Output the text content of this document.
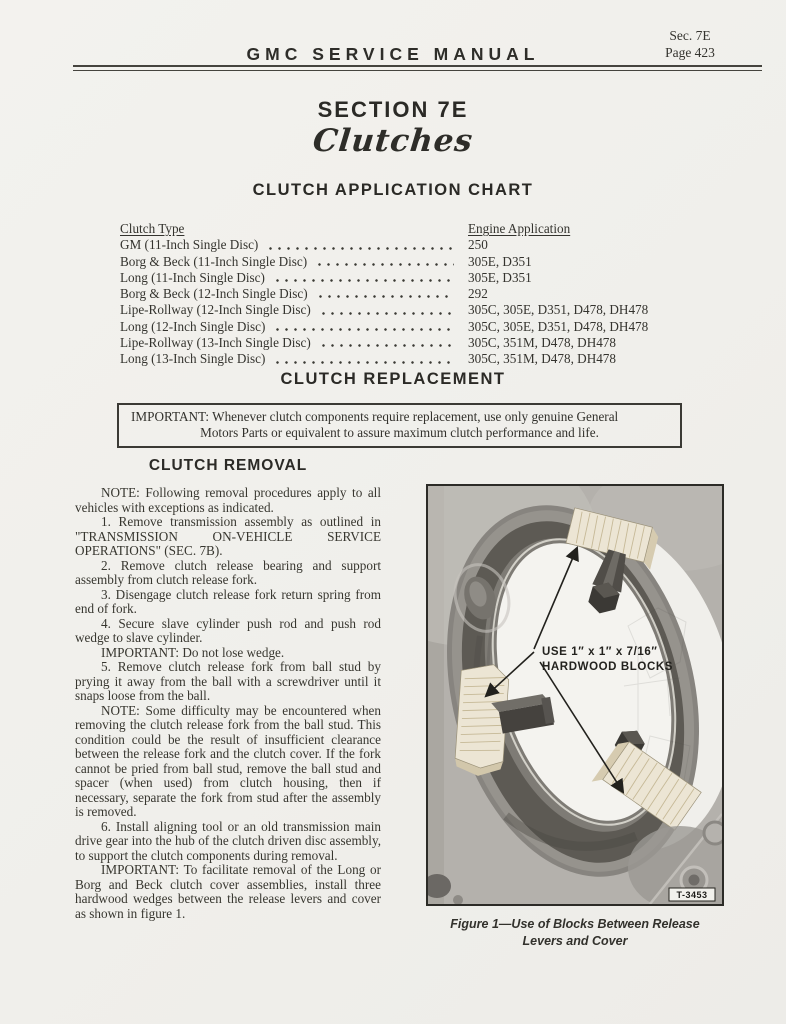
GMC SERVICE MANUAL
Sec. 7E
Page 423
SECTION 7E
Clutches
CLUTCH APPLICATION CHART
Clutch Type	Engine Application
GM (11-Inch Single Disc)	250
Borg & Beck (11-Inch Single Disc)	305E, D351
Long (11-Inch Single Disc)	305E, D351
Borg & Beck (12-Inch Single Disc)	292
Lipe-Rollway (12-Inch Single Disc)	305C, 305E, D351, D478, DH478
Long (12-Inch Single Disc)	305C, 305E, D351, D478, DH478
Lipe-Rollway (13-Inch Single Disc)	305C, 351M, D478, DH478
Long (13-Inch Single Disc)	305C, 351M, D478, DH478
CLUTCH REPLACEMENT
IMPORTANT: Whenever clutch components require replacement, use only genuine General
Motors Parts or equivalent to assure maximum clutch performance and life.
CLUTCH REMOVAL

NOTE: Following removal procedures apply to all vehicles with exceptions as indicated.

1. Remove transmission assembly as outlined in "TRANSMISSION ON-VEHICLE SERVICE OPERATIONS" (SEC. 7B).

2. Remove clutch release bearing and support assembly from clutch release fork.

3. Disengage clutch release fork return spring from end of fork.

4. Secure slave cylinder push rod and push rod wedge to slave cylinder.

IMPORTANT: Do not lose wedge.

5. Remove clutch release fork from ball stud by prying it away from the ball with a screwdriver until it snaps loose from the ball.

NOTE: Some difficulty may be encountered when removing the clutch release fork from the ball stud. This condition could be the result of insufficient clearance between the release fork and the clutch cover. If the fork cannot be pried from ball stud, remove the ball stud and spacer (when used) from clutch housing, then if necessary, separate the fork from stud after the assembly is removed.

6. Install aligning tool or an old transmission main drive gear into the hub of the clutch driven disc assembly, to support the clutch components during removal.

IMPORTANT: To facilitate removal of the Long or Borg and Beck clutch cover assemblies, install three hardwood wedges between the release levers and cover as shown in figure 1.

USE 1″ x 1″ x 7/16″
HARDWOOD BLOCKS
T-3453
Figure 1—Use of Blocks Between Release
Levers and Cover
